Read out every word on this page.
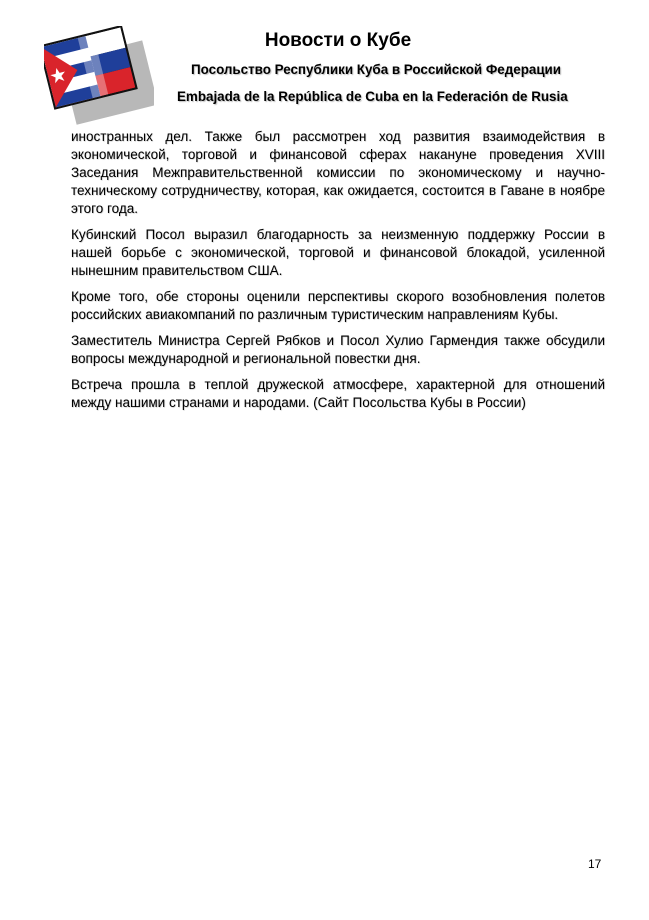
Новости о Кубе
Посольство Республики Куба в Российской Федерации
Embajada de la República de Cuba en la Federación de Rusia

иностранных дел. Также был рассмотрен ход развития взаимодействия в экономической, торговой и финансовой сферах накануне проведения XVIII Заседания Межправительственной комиссии по экономическому и научно-техническому сотрудничеству, которая, как ожидается, состоится в Гаване в ноябре этого года.

Кубинский Посол выразил благодарность за неизменную поддержку России в нашей борьбе с экономической, торговой и финансовой блокадой, усиленной нынешним правительством США.

Кроме того, обе стороны оценили перспективы скорого возобновления полетов российских авиакомпаний по различным туристическим направлениям Кубы.

Заместитель Министра Сергей Рябков и Посол Хулио Гармендия также обсудили вопросы международной и региональной повестки дня.

Встреча прошла в теплой дружеской атмосфере, характерной для отношений между нашими странами и народами. (Сайт Посольства Кубы в России)

17
